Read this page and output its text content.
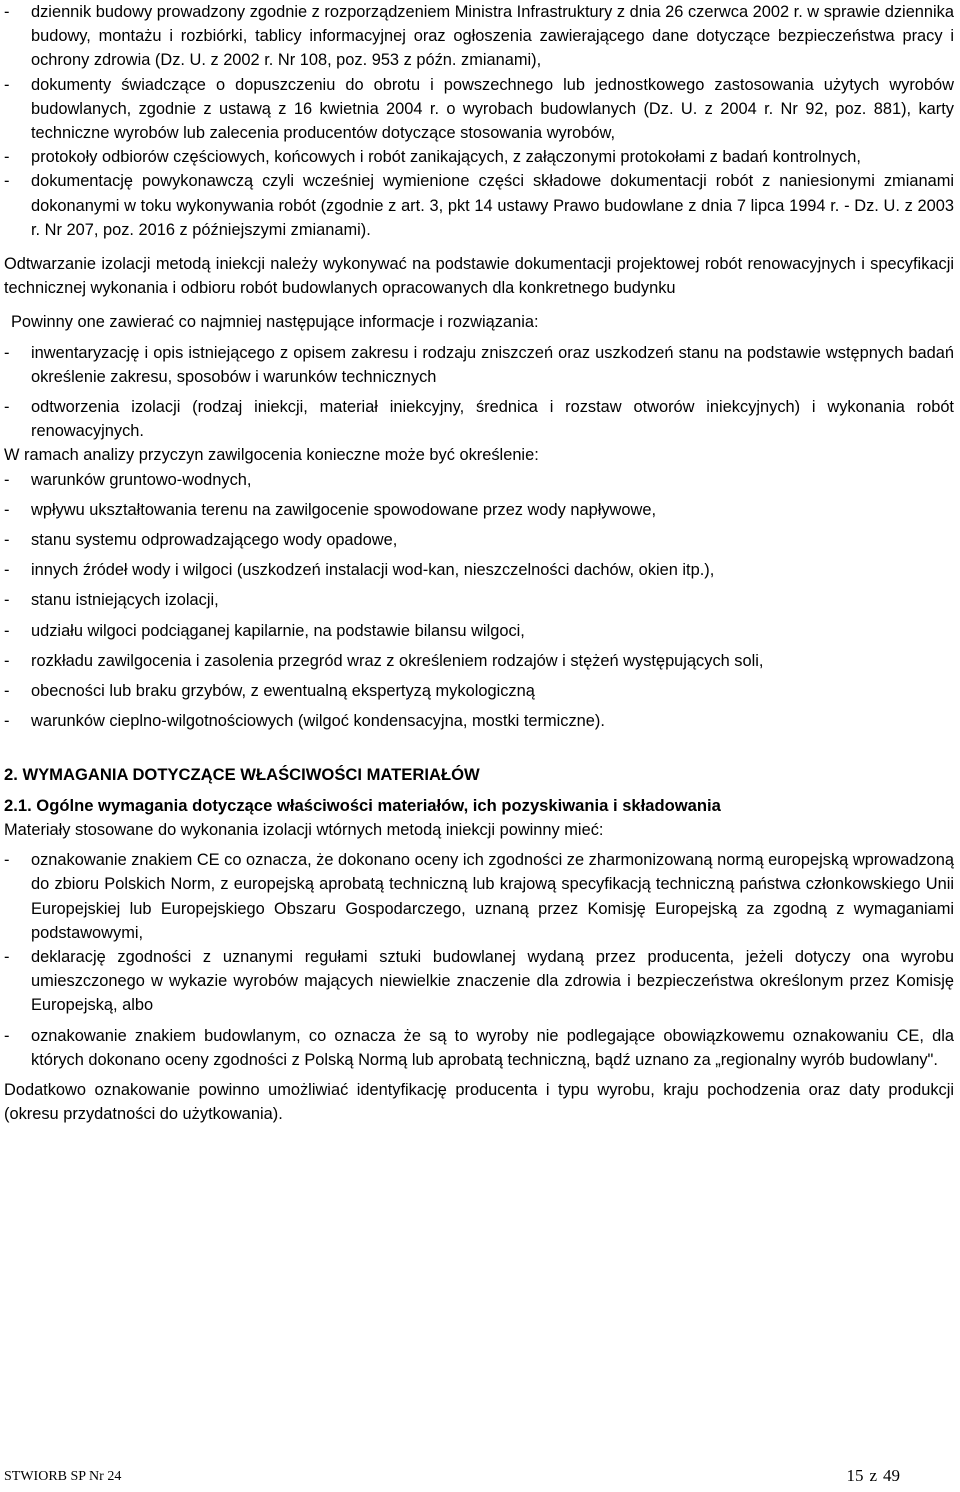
-	dziennik budowy prowadzony zgodnie z rozporządzeniem Ministra Infrastruktury z dnia 26 czerwca 2002 r. w sprawie dziennika budowy, montażu i rozbiórki, tablicy informacyjnej oraz ogłoszenia zawierającego dane dotyczące bezpieczeństwa pracy i ochrony zdrowia (Dz. U. z 2002 r. Nr 108, poz. 953 z późn. zmianami),
-	dokumenty świadczące o dopuszczeniu do obrotu i powszechnego lub jednostkowego zastosowania użytych wyrobów budowlanych, zgodnie z ustawą z 16 kwietnia 2004 r. o wyrobach budowlanych (Dz. U. z 2004 r. Nr 92, poz. 881), karty techniczne wyrobów lub zalecenia producentów dotyczące stosowania wyrobów,
-	protokoły odbiorów częściowych, końcowych i robót zanikających, z załączonymi protokołami z badań kontrolnych,
-	dokumentację powykonawczą czyli wcześniej wymienione części składowe dokumentacji robót z naniesionymi zmianami dokonanymi w toku wykonywania robót (zgodnie z art. 3, pkt 14 ustawy Prawo budowlane z dnia 7 lipca 1994 r. - Dz. U. z 2003 r. Nr 207, poz. 2016 z późniejszymi zmianami).
Odtwarzanie izolacji metodą iniekcji należy wykonywać na podstawie dokumentacji projektowej robót renowacyjnych i specyfikacji technicznej wykonania i odbioru robót budowlanych opracowanych dla konkretnego budynku
Powinny one zawierać co najmniej następujące informacje i rozwiązania:
-	inwentaryzację i opis istniejącego z opisem zakresu i rodzaju zniszczeń oraz uszkodzeń stanu na podstawie wstępnych badań określenie zakresu, sposobów i warunków technicznych
-	odtworzenia izolacji (rodzaj iniekcji, materiał iniekcyjny, średnica i rozstaw otworów iniekcyjnych) i wykonania robót renowacyjnych.
W ramach analizy przyczyn zawilgocenia konieczne może być określenie:
-	warunków gruntowo-wodnych,
-	wpływu ukształtowania terenu na zawilgocenie spowodowane przez wody napływowe,
-	stanu systemu odprowadzającego wody opadowe,
-	innych źródeł wody i wilgoci (uszkodzeń instalacji wod-kan, nieszczelności dachów, okien itp.),
-	stanu istniejących izolacji,
-	udziału wilgoci podciąganej kapilarnie, na podstawie bilansu wilgoci,
-	rozkładu zawilgocenia i zasolenia przegród wraz z określeniem rodzajów i stężeń występujących soli,
-	obecności lub braku grzybów, z ewentualną ekspertyzą mykologiczną
-	warunków cieplno-wilgotnościowych (wilgoć kondensacyjna, mostki termiczne).
2. WYMAGANIA DOTYCZĄCE WŁAŚCIWOŚCI MATERIAŁÓW
2.1. Ogólne wymagania dotyczące właściwości materiałów, ich pozyskiwania i składowania
Materiały stosowane do wykonania izolacji wtórnych metodą iniekcji powinny mieć:
-	oznakowanie znakiem CE co oznacza, że dokonano oceny ich zgodności ze zharmonizowaną normą europejską wprowadzoną do zbioru Polskich Norm, z europejską aprobatą techniczną lub krajową specyfikacją techniczną państwa członkowskiego Unii Europejskiej lub Europejskiego Obszaru Gospodarczego, uznaną przez Komisję Europejską za zgodną z wymaganiami podstawowymi,
-	deklarację zgodności z uznanymi regułami sztuki budowlanej wydaną przez producenta, jeżeli dotyczy ona wyrobu umieszczonego w wykazie wyrobów mających niewielkie znaczenie dla zdrowia i bezpieczeństwa określonym przez Komisję Europejską, albo
-	oznakowanie znakiem budowlanym, co oznacza że są to wyroby nie podlegające obowiązkowemu oznakowaniu CE, dla których dokonano oceny zgodności z Polską Normą lub aprobatą techniczną, bądź uznano za „regionalny wyrób budowlany".
Dodatkowo oznakowanie powinno umożliwiać identyfikację producenta i typu wyrobu, kraju pochodzenia oraz daty produkcji (okresu przydatności do użytkowania).
STWIORB SP Nr 24	15 z 49
